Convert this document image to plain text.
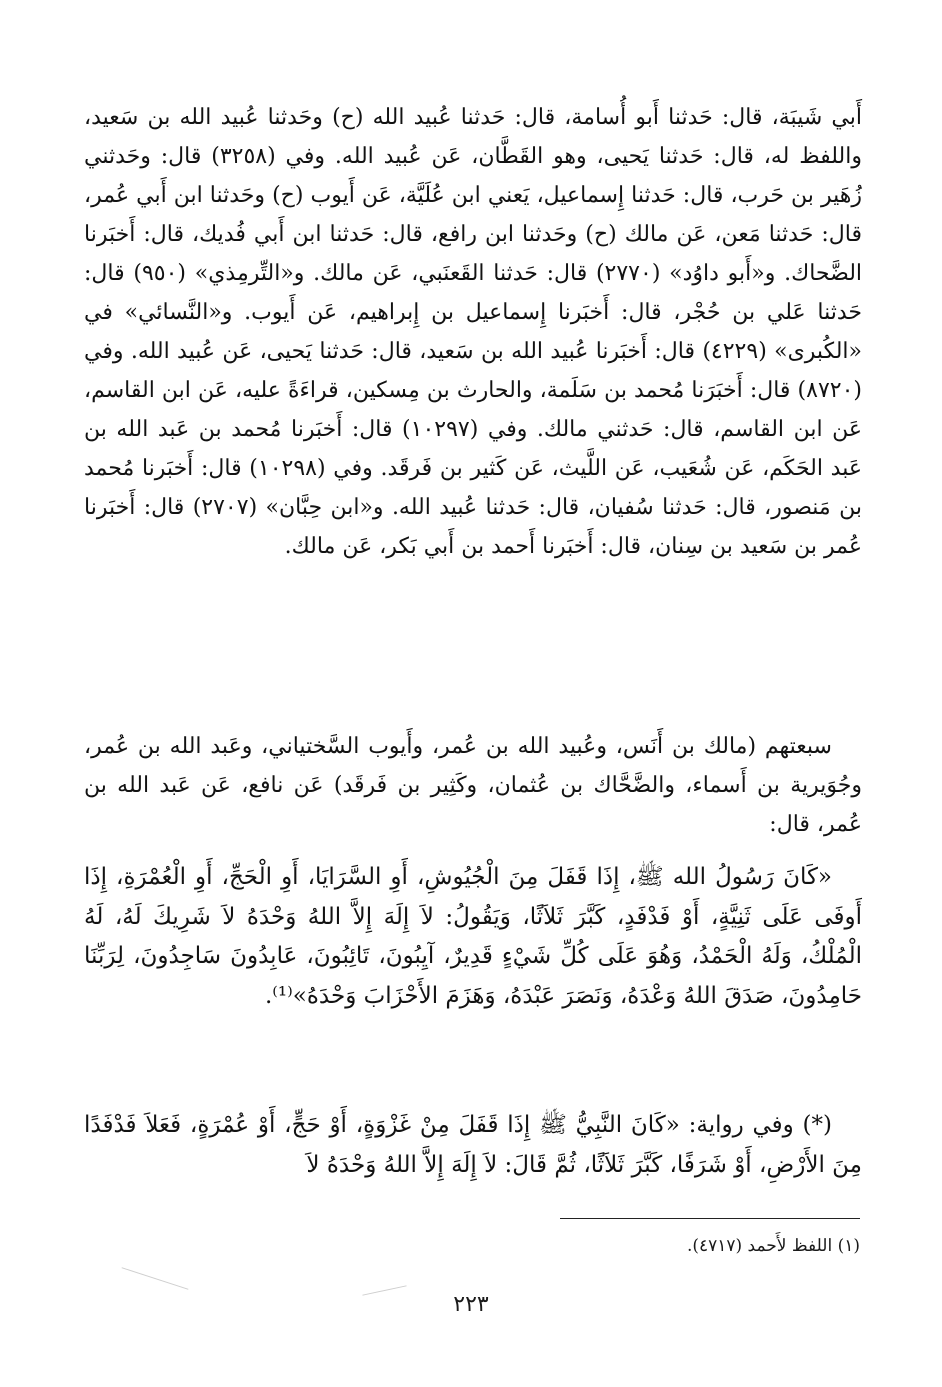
أَبي شَيبَة، قال: حَدثنا أَبو أُسامة، قال: حَدثنا عُبيد الله (ح) وحَدثنا عُبيد الله بن سَعيد، واللفظ له، قال: حَدثنا يَحيى، وهو القَطَّان، عَن عُبيد الله. وفي (٣٢٥٨) قال: وحَدثني زُهَير بن حَرب، قال: حَدثنا إِسماعيل، يَعني ابن عُلَيَّة، عَن أَيوب (ح) وحَدثنا ابن أَبي عُمر، قال: حَدثنا مَعن، عَن مالك (ح) وحَدثنا ابن رافع، قال: حَدثنا ابن أَبي فُديك، قال: أَخبَرنا الضَّحاك. و«أَبو داوُد» (٢٧٧٠) قال: حَدثنا القَعنَبي، عَن مالك. و«التِّرمِذي» (٩٥٠) قال: حَدثنا عَلي بن حُجْر، قال: أَخبَرنا إِسماعيل بن إِبراهيم، عَن أَيوب. و«النَّسائي» في «الكُبرى» (٤٢٢٩) قال: أَخبَرنا عُبيد الله بن سَعيد، قال: حَدثنا يَحيى، عَن عُبيد الله. وفي (٨٧٢٠) قال: أَخبَرَنا مُحمد بن سَلَمة، والحارث بن مِسكين، قراءَةً عليه، عَن ابن القاسم، عَن ابن القاسم، قال: حَدثني مالك. وفي (١٠٢٩٧) قال: أَخبَرنا مُحمد بن عَبد الله بن عَبد الحَكَم، عَن شُعَيب، عَن اللَّيث، عَن كَثير بن فَرقَد. وفي (١٠٢٩٨) قال: أَخبَرنا مُحمد بن مَنصور، قال: حَدثنا سُفيان، قال: حَدثنا عُبيد الله. و«ابن حِبَّان» (٢٧٠٧) قال: أَخبَرنا عُمر بن سَعيد بن سِنان، قال: أَخبَرنا أَحمد بن أَبي بَكر، عَن مالك.
سبعتهم (مالك بن أَنَس، وعُبيد الله بن عُمر، وأَيوب السَّختياني، وعَبد الله بن عُمر، وجُوَيرية بن أَسماء، والضَّحَّاك بن عُثمان، وكَثِير بن فَرقَد) عَن نافع، عَن عَبد الله بن عُمر، قال:
«كَانَ رَسُولُ الله ﷺ، إِذَا قَفَلَ مِنَ الْجُيُوشِ، أَوِ السَّرَايَا، أَوِ الْحَجِّ، أَوِ الْعُمْرَةِ، إِذَا أَوفَى عَلَى ثَنِيَّةٍ، أَوْ فَدْفَدٍ، كَبَّرَ ثَلاَثًا، وَيَقُولُ: لاَ إِلَهَ إِلاَّ اللهُ وَحْدَهُ لاَ شَرِيكَ لَهُ، لَهُ الْمُلْكُ، وَلَهُ الْحَمْدُ، وَهُوَ عَلَى كُلِّ شَيْءٍ قَدِيرٌ، آيِبُونَ، تَائِبُونَ، عَابِدُونَ سَاجِدُونَ، لِرَبِّنَا حَامِدُونَ، صَدَقَ اللهُ وَعْدَهُ، وَنَصَرَ عَبْدَهُ، وَهَزَمَ الأَحْزَابَ وَحْدَهُ»⁽¹⁾.
(*) وفي رواية: «كَانَ النَّبِيُّ ﷺ إِذَا قَفَلَ مِنْ غَزْوَةٍ، أَوْ حَجٍّ، أَوْ عُمْرَةٍ، فَعَلاَ فَدْفَدًا مِنَ الأَرْضِ، أَوْ شَرَفًا، كَبَّرَ ثَلاَثًا، ثُمَّ قَالَ: لاَ إِلَهَ إِلاَّ اللهُ وَحْدَهُ لاَ
(١) اللفظ لأَحمد (٤٧١٧).
٢٢٣
